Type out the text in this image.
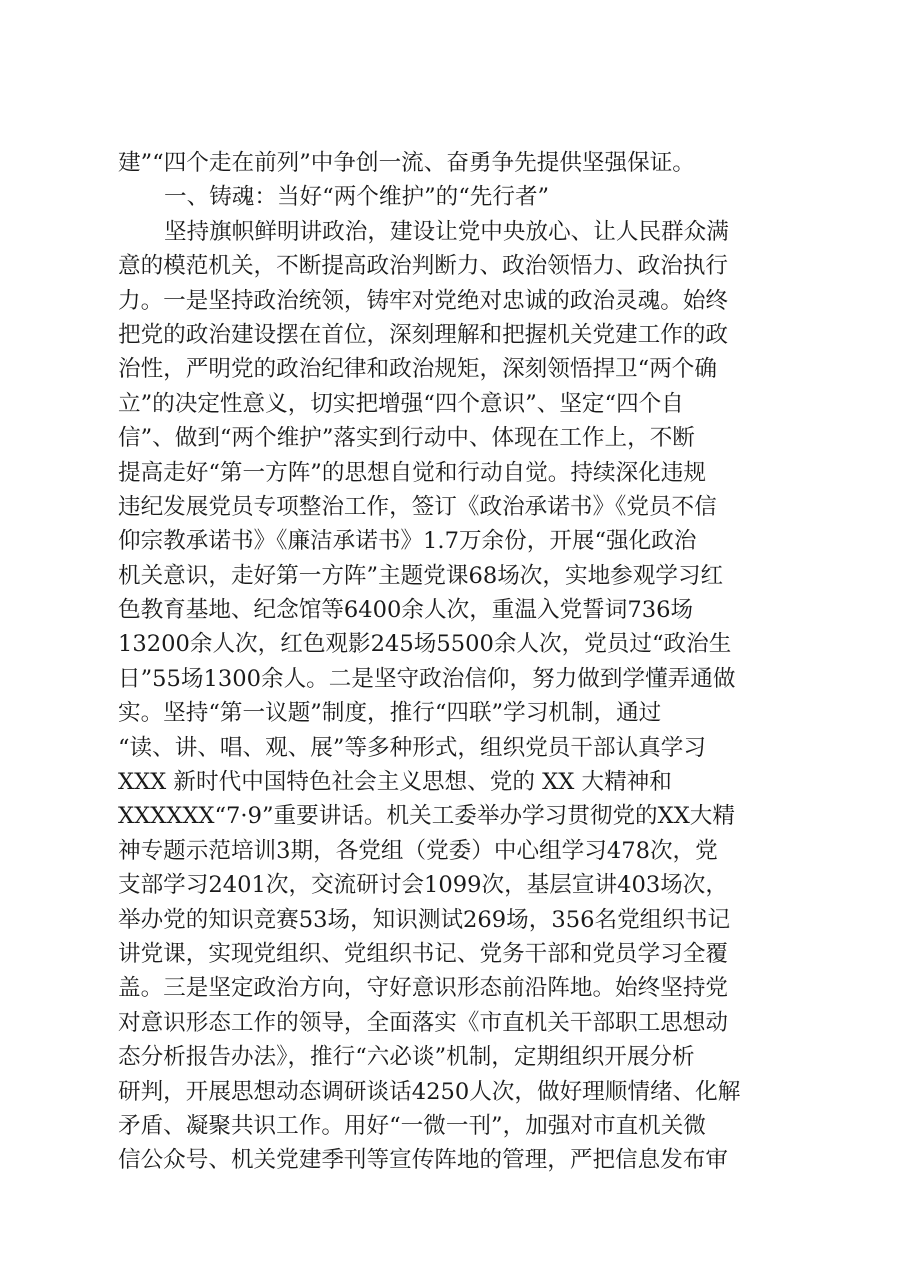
建”“四个走在前列”中争创一流、奋勇争先提供坚强保证。
一、铸魂：当好“两个维护”的“先行者”
坚持旗帜鲜明讲政治，建设让党中央放心、让人民群众满
意的模范机关，不断提高政治判断力、政治领悟力、政治执行
力。一是坚持政治统领，铸牢对党绝对忠诚的政治灵魂。始终
把党的政治建设摆在首位，深刻理解和把握机关党建工作的政
治性，严明党的政治纪律和政治规矩，深刻领悟捍卫“两个确
立”的决定性意义，切实把增强“四个意识”、坚定“四个自
信”、做到“两个维护”落实到行动中、体现在工作上，不断
提高走好“第一方阵”的思想自觉和行动自觉。持续深化违规
违纪发展党员专项整治工作，签订《政治承诺书》《党员不信
仰宗教承诺书》《廉洁承诺书》1.7万余份，开展“强化政治
机关意识，走好第一方阵”主题党课68场次，实地参观学习红
色教育基地、纪念馆等6400余人次，重温入党誓词736场
13200余人次，红色观影245场5500余人次，党员过“政治生
日”55场1300余人。二是坚守政治信仰，努力做到学懂弄通做
实。坚持“第一议题”制度，推行“四联”学习机制，通过
“读、讲、唱、观、展”等多种形式，组织党员干部认真学习
XXX 新时代中国特色社会主义思想、党的 XX 大精神和
XXXXXX“7·9”重要讲话。机关工委举办学习贯彻党的XX大精
神专题示范培训3期，各党组（党委）中心组学习478次，党
支部学习2401次，交流研讨会1099次，基层宣讲403场次，
举办党的知识竞赛53场，知识测试269场，356名党组织书记
讲党课，实现党组织、党组织书记、党务干部和党员学习全覆
盖。三是坚定政治方向，守好意识形态前沿阵地。始终坚持党
对意识形态工作的领导，全面落实《市直机关干部职工思想动
态分析报告办法》，推行“六必谈”机制，定期组织开展分析
研判，开展思想动态调研谈话4250人次，做好理顺情绪、化解
矛盾、凝聚共识工作。用好“一微一刊”，加强对市直机关微
信公众号、机关党建季刊等宣传阵地的管理，严把信息发布审
